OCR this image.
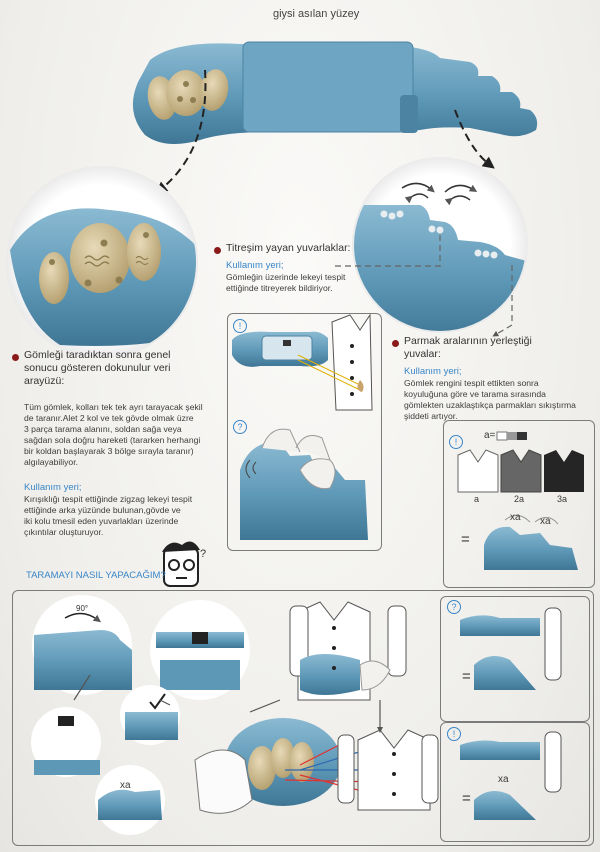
giysi asılan yüzey
Titreşim yayan yuvarlaklar:
Kullanım yeri;
Gömleğin üzerinde lekeyi tespit
ettiğinde titreyerek bildiriyor.
Gömleği taradıktan sonra genel
sonucu gösteren dokunulur veri
arayüzü:
Tüm gömlek, kolları tek tek ayrı tarayacak şekil
de taranır.Alet 2 kol ve tek gövde olmak üzre
3 parça tarama alanını, soldan sağa veya
sağdan sola doğru hareketi (tararken herhangi
bir koldan başlayarak 3 bölge sırayla taranır)
algılayabiliyor.
Kullanım yeri;
Kırışıklığı tespit ettiğinde zigzag lekeyi tespit
ettiğinde arka yüzünde bulunan,gövde ve
iki kolu tmesil eden yuvarlakları üzerinde
çıkıntılar oluşturuyor.
Parmak aralarının yerleştiği
yuvalar:
Kullanım yeri;
Gömlek rengini tespit ettikten sonra
koyuluğuna göre ve tarama sırasında
gömlekten uzaklaştıkça parmakları sıkıştırma
şiddeti artıyor.
!
?
!
a=
a	2a	3a
=
xa xa
TARAMAYI NASIL YAPACAĞIM?
?
90°	?
!
=
=
xa
xa
